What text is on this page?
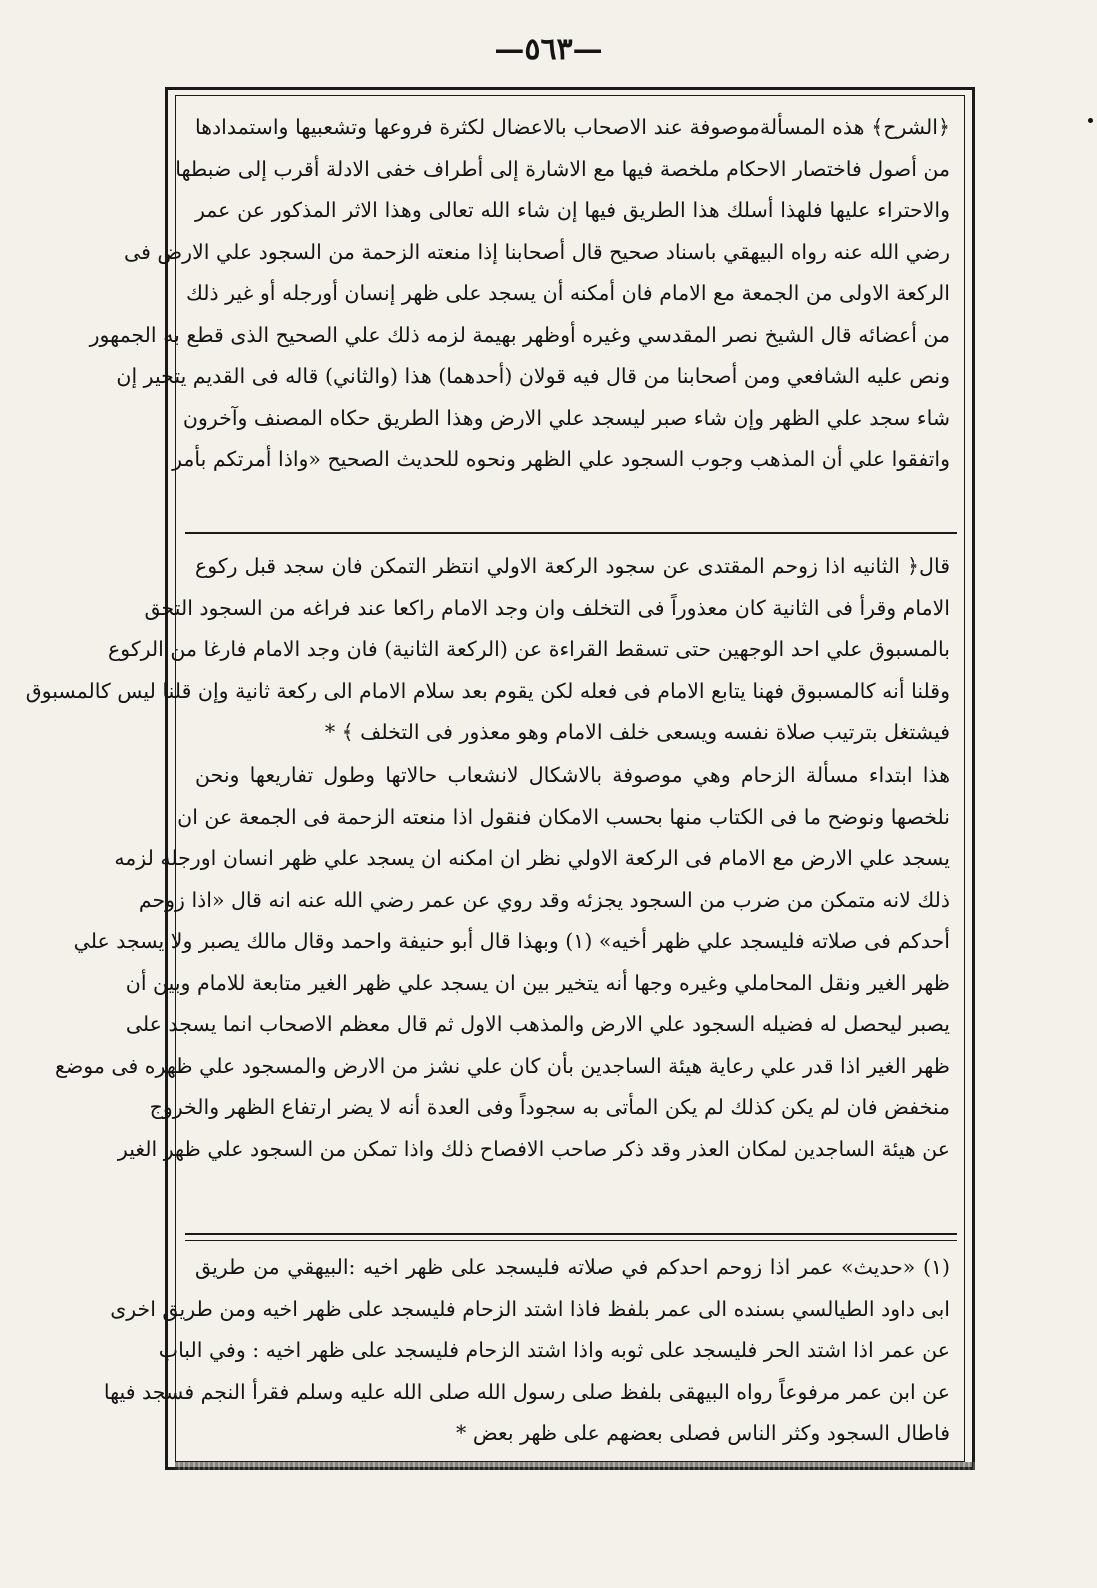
—٥٦٣—
﴿الشرح﴾ هذه المسألةموصوفة عند الاصحاب بالاعضال لكثرة فروعها وتشعبيها واستمدادها
من أصول فاختصار الاحكام ملخصة فيها مع الاشارة إلى أطراف خفى الادلة أقرب إلى ضبطها
والاحتراء عليها فلهذا أسلك هذا الطريق فيها إن شاء الله تعالى وهذا الاثر المذكور عن عمر
رضي الله عنه رواه البيهقي باسناد صحيح قال أصحابنا إذا منعته الزحمة من السجود علي الارض فى
الركعة الاولى من الجمعة مع الامام فان أمكنه أن يسجد على ظهر إنسان أورجله أو غير ذلك
من أعضائه قال الشيخ نصر المقدسي وغيره أوظهر بهيمة لزمه ذلك علي الصحيح الذى قطع به الجمهور
ونص عليه الشافعي ومن أصحابنا من قال فيه قولان (أحدهما) هذا (والثاني) قاله فى القديم يتخير إن
شاء سجد علي الظهر وإن شاء صبر ليسجد علي الارض وهذا الطريق حكاه المصنف وآخرون
واتفقوا علي أن المذهب وجوب السجود علي الظهر ونحوه للحديث الصحيح «واذا أمرتكم بأمر
قال﴿ الثانيه اذا زوحم المقتدى عن سجود الركعة الاولي انتظر التمكن فان سجد قبل ركوع
الامام وقرأ فى الثانية كان معذوراً فى التخلف وان وجد الامام راكعا عند فراغه من السجود التحق
بالمسبوق علي احد الوجهين حتى تسقط القراءة عن (الركعة الثانية) فان وجد الامام فارغا من الركوع
وقلنا أنه كالمسبوق فهنا يتابع الامام فى فعله لكن يقوم بعد سلام الامام الى ركعة ثانية وإن قلنا ليس كالمسبوق
فيشتغل بترتيب صلاة نفسه ويسعى خلف الامام وهو معذور فى التخلف ﴾ *
هذا ابتداء مسألة الزحام وهي موصوفة بالاشكال لانشعاب حالاتها وطول تفاريعها ونحن
نلخصها ونوضح ما فى الكتاب منها بحسب الامكان فنقول اذا منعته الزحمة فى الجمعة عن ان
يسجد علي الارض مع الامام فى الركعة الاولي نظر ان امكنه ان يسجد علي ظهر انسان اورجله لزمه
ذلك لانه متمكن من ضرب من السجود يجزئه وقد روي عن عمر رضي الله عنه انه قال «اذا زوحم
أحدكم فى صلاته فليسجد علي ظهر أخيه» (١) وبهذا قال أبو حنيفة واحمد وقال مالك يصبر ولا يسجد علي
ظهر الغير ونقل المحاملي وغيره وجها أنه يتخير بين ان يسجد علي ظهر الغير متابعة للامام وبين أن
يصبر ليحصل له فضيله السجود علي الارض والمذهب الاول ثم قال معظم الاصحاب انما يسجد على
ظهر الغير اذا قدر علي رعاية هيئة الساجدين بأن كان علي نشز من الارض والمسجود علي ظهره فى موضع
منخفض فان لم يكن كذلك لم يكن المأتى به سجوداً وفى العدة أنه لا يضر ارتفاع الظهر والخروج
عن هيئة الساجدين لمكان العذر وقد ذكر صاحب الافصاح ذلك واذا تمكن من السجود علي ظهر الغير
(١) «حديث» عمر اذا زوحم احدكم في صلاته فليسجد على ظهر اخيه :البيهقي من طريق
ابى داود الطيالسي بسنده الى عمر بلفظ فاذا اشتد الزحام فليسجد على ظهر اخيه ومن طريق اخرى
عن عمر اذا اشتد الحر فليسجد على ثوبه واذا اشتد الزحام فليسجد على ظهر اخيه : وفي الباب
عن ابن عمر مرفوعاً رواه البيهقى بلفظ صلى رسول الله صلى الله عليه وسلم فقرأ النجم فسجد فيها
فاطال السجود وكثر الناس فصلى بعضهم على ظهر بعض *
